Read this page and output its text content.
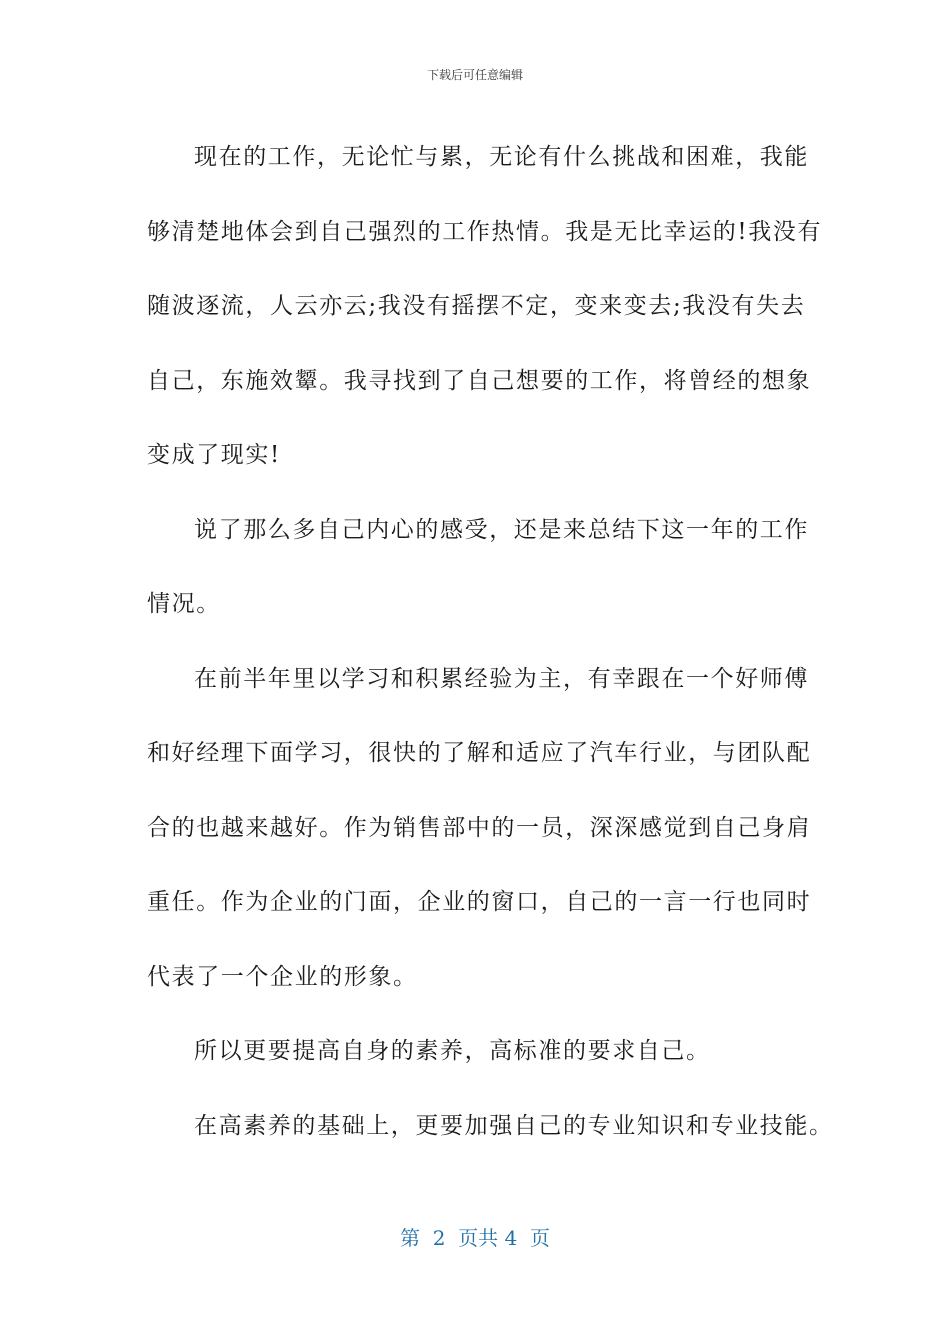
下载后可任意编辑

现在的工作，无论忙与累，无论有什么挑战和困难，我能
够清楚地体会到自己强烈的工作热情。我是无比幸运的!我没有
随波逐流，人云亦云;我没有摇摆不定，变来变去;我没有失去
自己，东施效颦。我寻找到了自己想要的工作，将曾经的想象
变成了现实!

说了那么多自己内心的感受，还是来总结下这一年的工作
情况。

在前半年里以学习和积累经验为主，有幸跟在一个好师傅
和好经理下面学习，很快的了解和适应了汽车行业，与团队配
合的也越来越好。作为销售部中的一员，深深感觉到自己身肩
重任。作为企业的门面，企业的窗口，自己的一言一行也同时
代表了一个企业的形象。

所以更要提高自身的素养，高标准的要求自己。

在高素养的基础上，更要加强自己的专业知识和专业技能。

第  2  页共 4  页
